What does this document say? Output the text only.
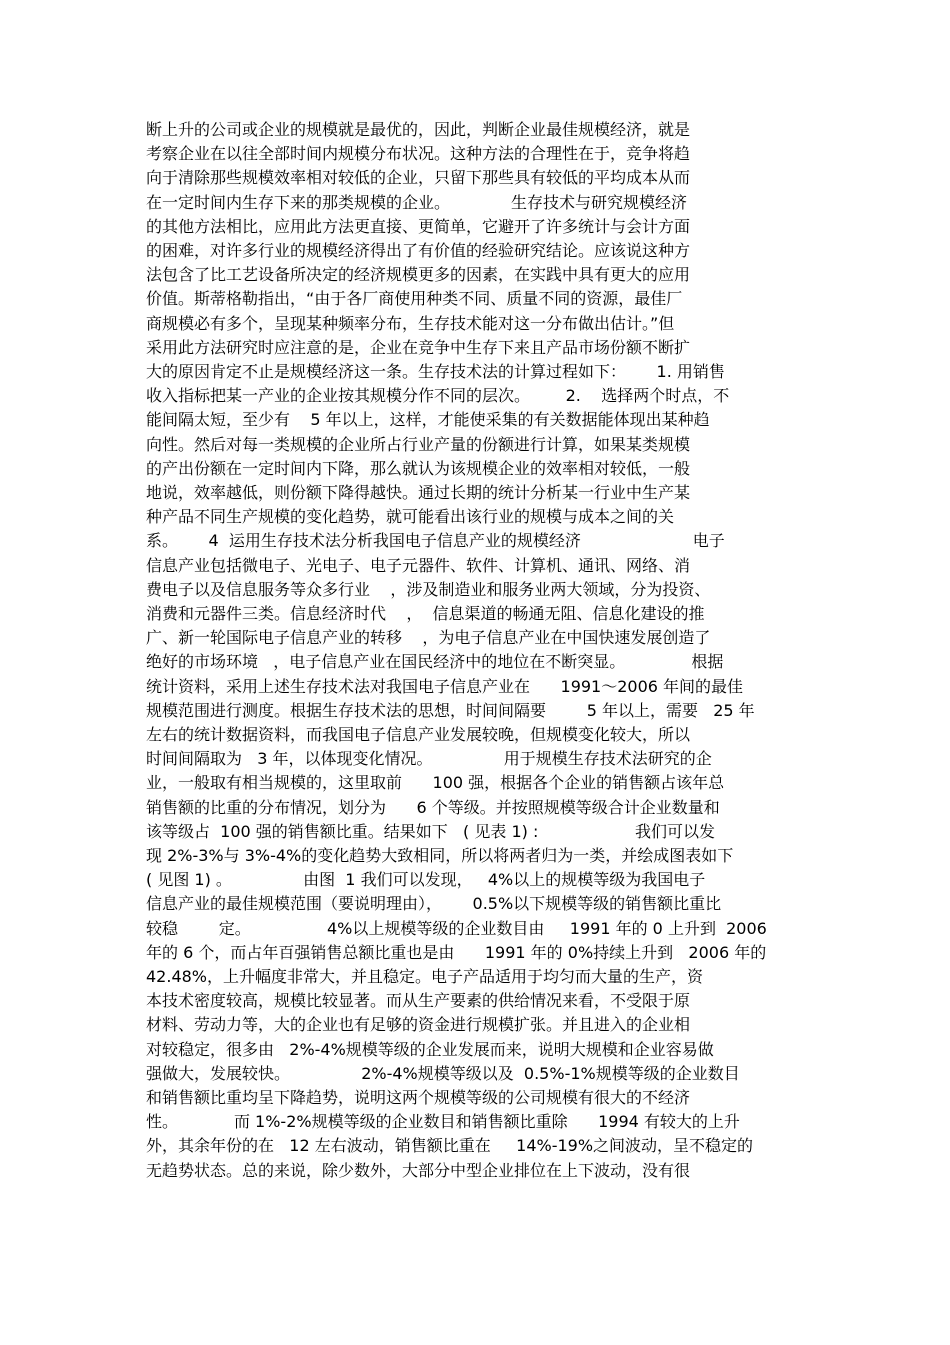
断上升的公司或企业的规模就是最优的，因此，判断企业最佳规模经济，就是
考察企业在以往全部时间内规模分布状况。这种方法的合理性在于，竞争将趋
向于清除那些规模效率相对较低的企业，只留下那些具有较低的平均成本从而
在一定时间内生存下来的那类规模的企业。            生存技术与研究规模经济
的其他方法相比，应用此方法更直接、更简单，它避开了许多统计与会计方面
的困难，对许多行业的规模经济得出了有价值的经验研究结论。应该说这种方
法包含了比工艺设备所决定的经济规模更多的因素，在实践中具有更大的应用
价值。斯蒂格勒指出，“由于各厂商使用种类不同、质量不同的资源，最佳厂
商规模必有多个，呈现某种频率分布，生存技术能对这一分布做出估计。”但
采用此方法研究时应注意的是，企业在竞争中生存下来且产品市场份额不断扩
大的原因肯定不止是规模经济这一条。生存技术法的计算过程如下：      1. 用销售
收入指标把某一产业的企业按其规模分作不同的层次。       2.    选择两个时点，不
能间隔太短，至少有    5 年以上，这样，才能使采集的有关数据能体现出某种趋
向性。然后对每一类规模的企业所占行业产量的份额进行计算，如果某类规模
的产出份额在一定时间内下降，那么就认为该规模企业的效率相对较低，一般
地说，效率越低，则份额下降得越快。通过长期的统计分析某一行业中生产某
种产品不同生产规模的变化趋势，就可能看出该行业的规模与成本之间的关
系。      4  运用生存技术法分析我国电子信息产业的规模经济                      电子
信息产业包括微电子、光电子、电子元器件、软件、计算机、通讯、网络、消
费电子以及信息服务等众多行业    ，涉及制造业和服务业两大领域，分为投资、
消费和元器件三类。信息经济时代    ，  信息渠道的畅通无阻、信息化建设的推
广、新一轮国际电子信息产业的转移    ，为电子信息产业在中国快速发展创造了
绝好的市场环境   ，电子信息产业在国民经济中的地位在不断突显。             根据
统计资料，采用上述生存技术法对我国电子信息产业在      1991～2006 年间的最佳
规模范围进行测度。根据生存技术法的思想，时间间隔要        5 年以上，需要   25 年
左右的统计数据资料，而我国电子信息产业发展较晚，但规模变化较大，所以
时间间隔取为   3 年，以体现变化情况。              用于规模生存技术法研究的企
业，一般取有相当规模的，这里取前      100 强，根据各个企业的销售额占该年总
销售额的比重的分布情况，划分为      6 个等级。并按照规模等级合计企业数量和
该等级占  100 强的销售额比重。结果如下   ( 见表 1) :                   我们可以发
现 2%-3%与 3%-4%的变化趋势大致相同，所以将两者归为一类，并绘成图表如下
( 见图 1) 。              由图  1 我们可以发现，   4%以上的规模等级为我国电子
信息产业的最佳规模范围（要说明理由），      0.5%以下规模等级的销售额比重比
较稳        定。               4%以上规模等级的企业数目由     1991 年的 0 上升到  2006
年的 6 个，而占年百强销售总额比重也是由      1991 年的 0%持续上升到   2006 年的
42.48%，上升幅度非常大，并且稳定。电子产品适用于均匀而大量的生产，资
本技术密度较高，规模比较显著。而从生产要素的供给情况来看，不受限于原
材料、劳动力等，大的企业也有足够的资金进行规模扩张。并且进入的企业相
对较稳定，很多由   2%-4%规模等级的企业发展而来，说明大规模和企业容易做
强做大，发展较快。              2%-4%规模等级以及  0.5%-1%规模等级的企业数目
和销售额比重均呈下降趋势，说明这两个规模等级的公司规模有很大的不经济
性。           而 1%-2%规模等级的企业数目和销售额比重除      1994 有较大的上升
外，其余年份的在   12 左右波动，销售额比重在     14%-19%之间波动，呈不稳定的
无趋势状态。总的来说，除少数外，大部分中型企业排位在上下波动，没有很
